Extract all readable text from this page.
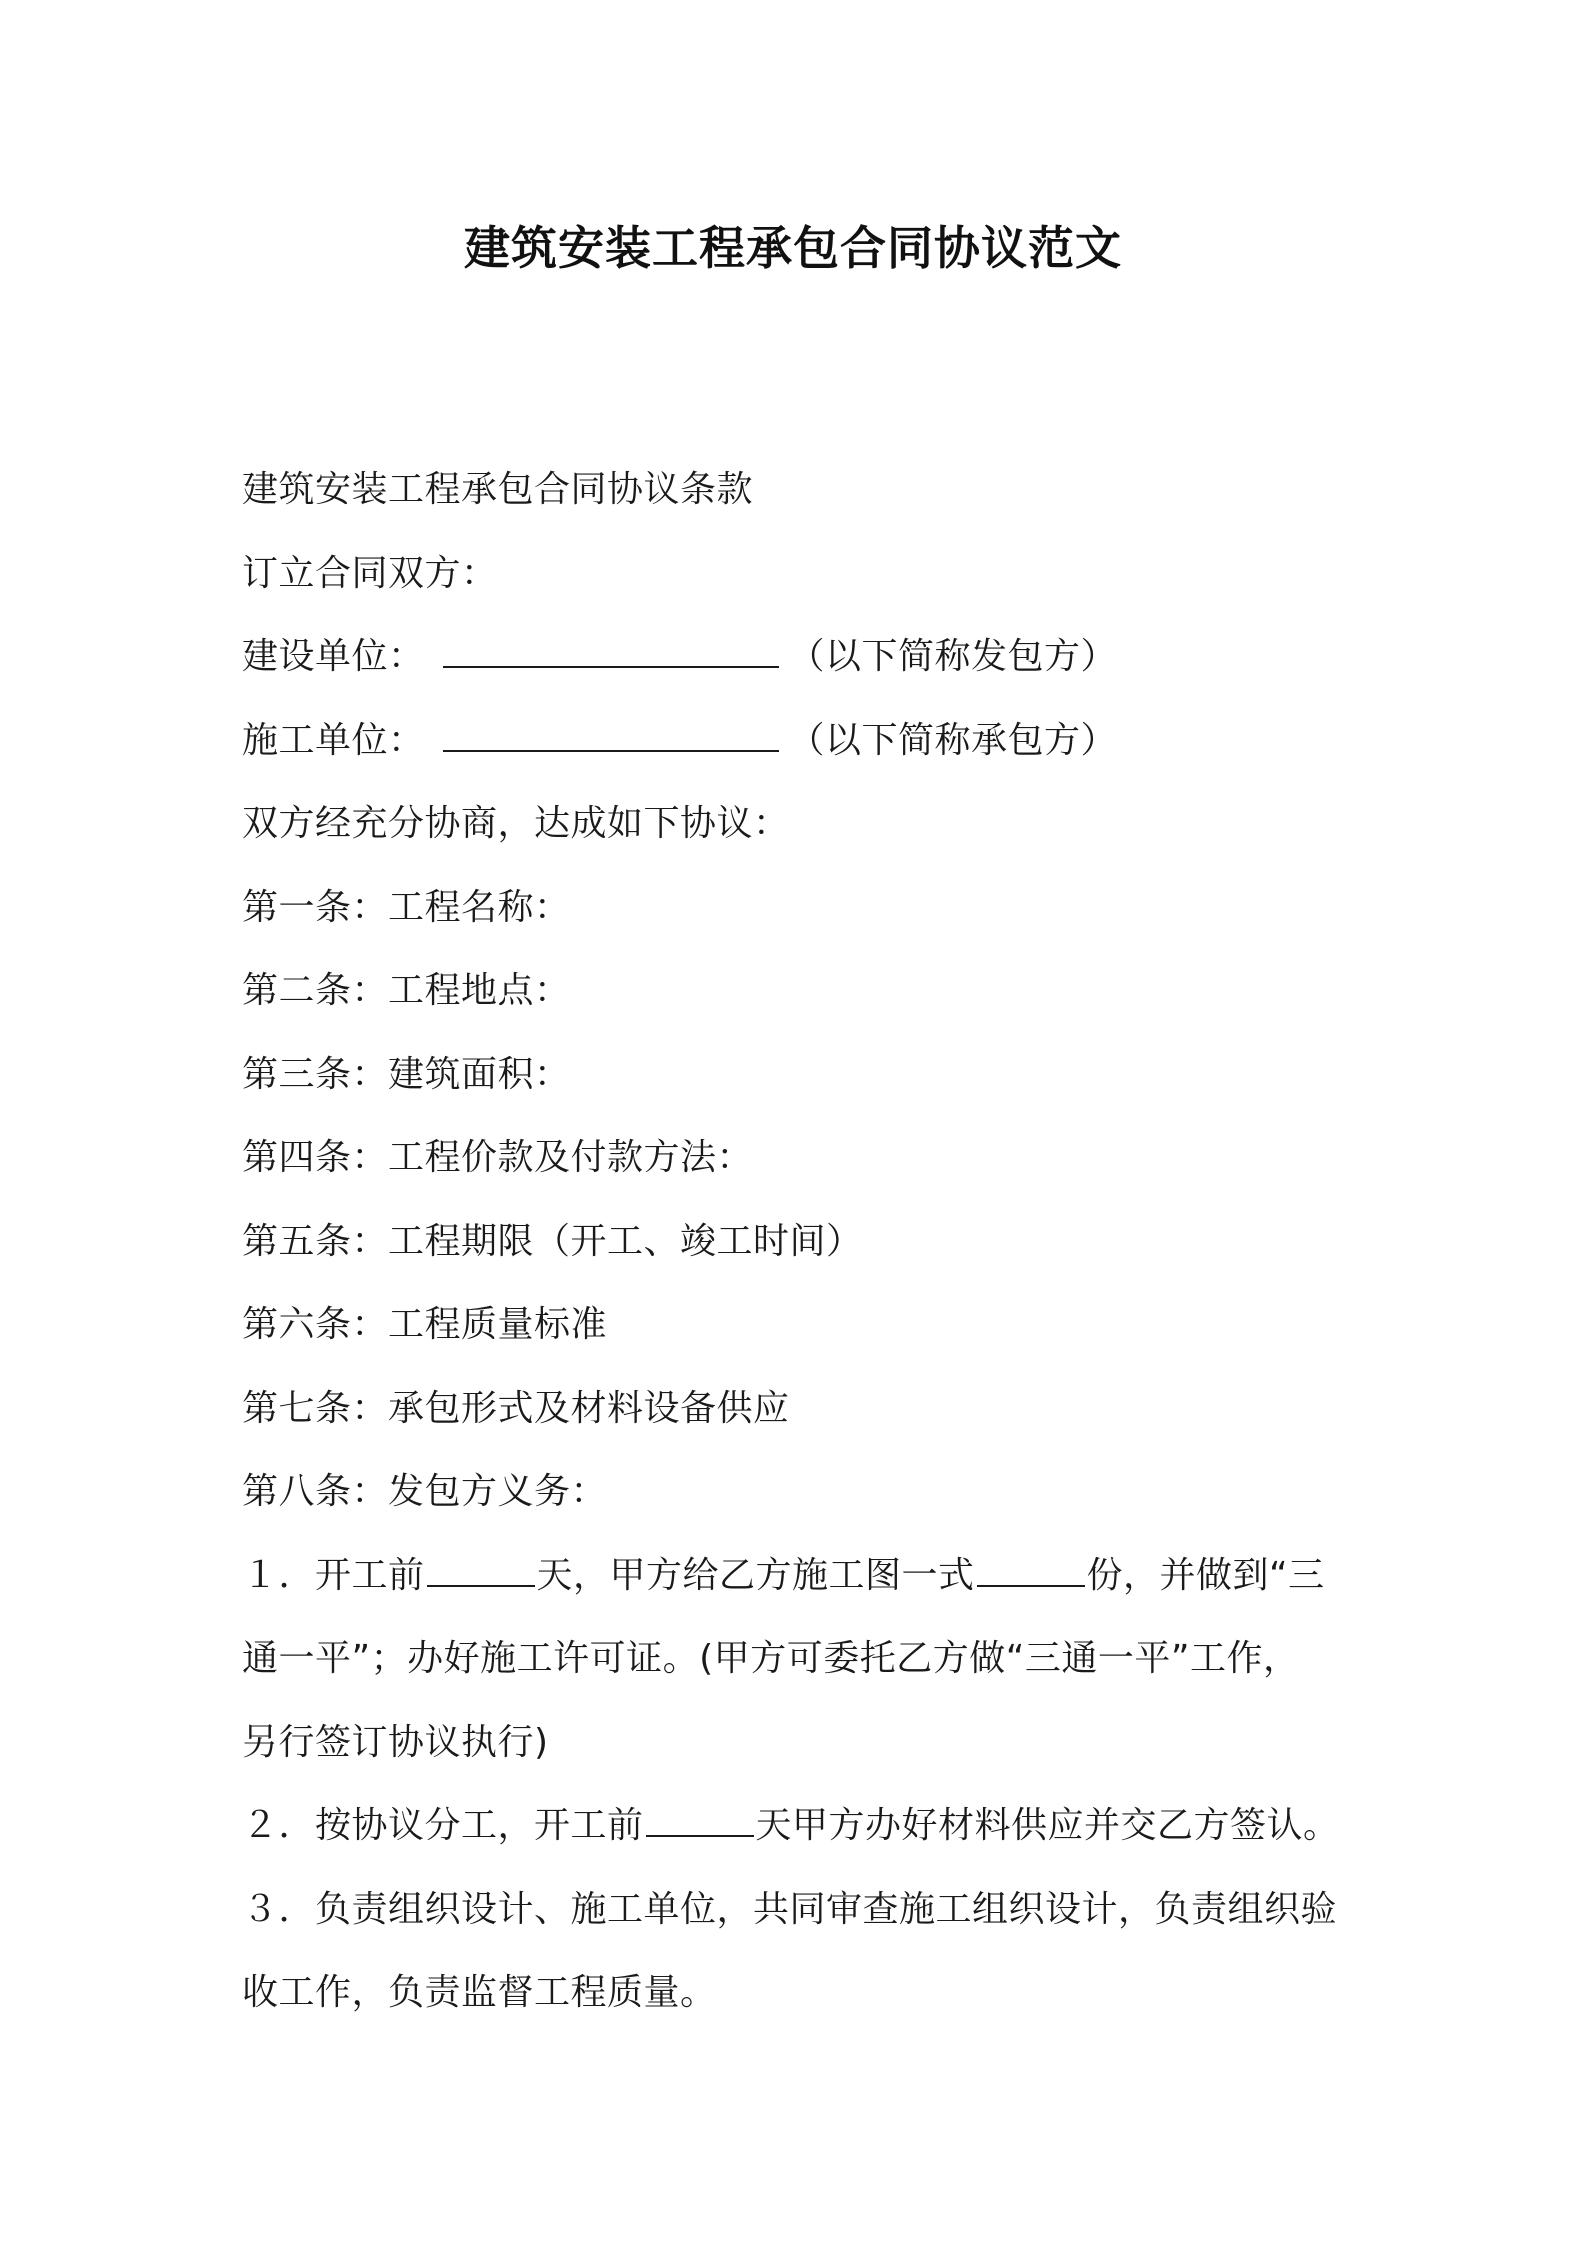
建筑安装工程承包合同协议范文
建筑安装工程承包合同协议条款
订立合同双方：
建设单位：	（以下简称发包方）
施工单位：	（以下简称承包方）
双方经充分协商，达成如下协议：
第一条：工程名称：
第二条：工程地点：
第三条：建筑面积：
第四条：工程价款及付款方法：
第五条：工程期限（开工、竣工时间）
第六条：工程质量标准
第七条：承包形式及材料设备供应
第八条：发包方义务：
１．开工前	天，甲方给乙方施工图一式	份，并做到“三
通一平”；办好施工许可证。(甲方可委托乙方做“三通一平”工作，
另行签订协议执行)
２．按协议分工，开工前	天甲方办好材料供应并交乙方签认。
３．负责组织设计、施工单位，共同审查施工组织设计，负责组织验
收工作，负责监督工程质量。
